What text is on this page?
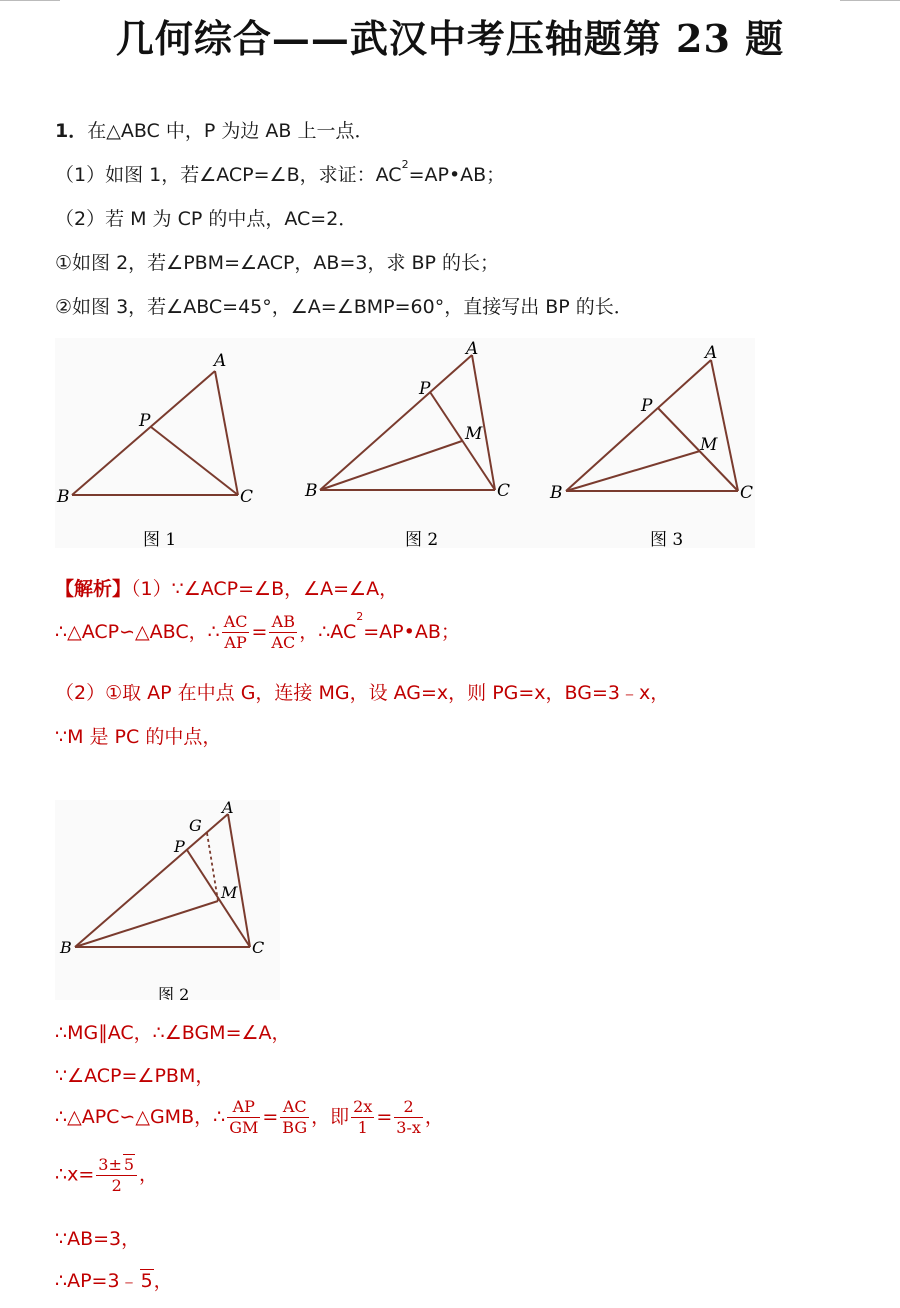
几何综合——武汉中考压轴题第 23 题
1．在△ABC 中，P 为边 AB 上一点．
（1）如图 1，若∠ACP=∠B，求证：$AC^2=AP•AB$；
（2）若 M 为 CP 的中点，AC=2．
①如图 2，若∠PBM=∠ACP，AB=3，求 BP 的长；
②如图 3，若∠ABC=45°，∠A=∠BMP=60°，直接写出 BP 的长．
A
B	C
P
图 1
A
B	C
P
M
图 2
A
B	C
P
M
图 3
【解析】（1）∵∠ACP=∠B，∠A=∠A，
∴△ACP∽△ABC，∴ $\frac{AC}{AP} = \frac{AB}{AC}$ ，$\therefore AC^2=AP•AB$；
（2）①取 AP 在中点 G，连接 MG，设 AG=x，则 PG=x，BG=3﹣x，
∵M 是 PC 的中点，
A
B	C
P
G
M
图 2
∴MG∥AC，∴∠BGM=∠A，
∵∠ACP=∠PBM，
∴△APC∽△GMB，∴ $\frac{AP}{GM} = \frac{AC}{BG}$ ，即 $\frac{2x}{1} = \frac{2}{3-x}$ ，
∴x= $\frac{3\pm 5}{2}$ ，
∵AB=3，
∴AP=3﹣ 5，
